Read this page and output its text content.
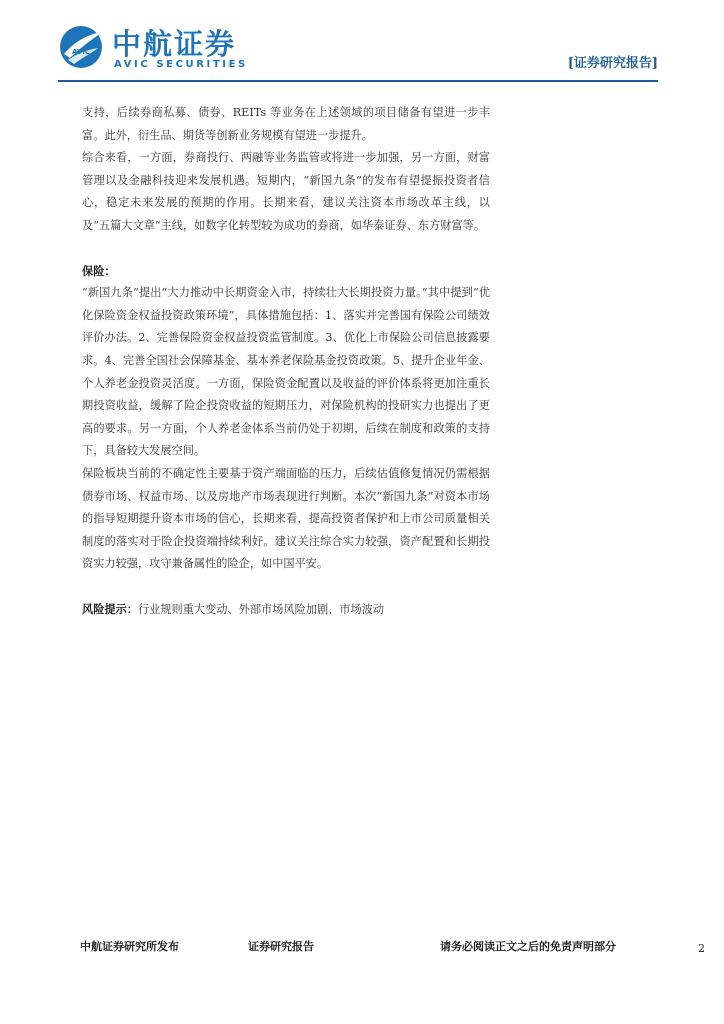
AVIC 中航证券
AVIC SECURITIES	[证券研究报告]

支持，后续券商私募、债券、REITs 等业务在上述领域的项目储备有望进一步丰富。此外，衍生品、期货等创新业务规模有望进一步提升。

综合来看，一方面，券商投行、两融等业务监管或将进一步加强，另一方面，财富管理以及金融科技迎来发展机遇。短期内，“新国九条”的发布有望提振投资者信心，稳定未来发展的预期的作用。长期来看，建议关注资本市场改革主线，以及“五篇大文章”主线，如数字化转型较为成功的券商，如华泰证券、东方财富等。

保险：

“新国九条”提出“大力推动中长期资金入市，持续壮大长期投资力量。”其中提到“优化保险资金权益投资政策环境”，具体措施包括：1、落实并完善国有保险公司绩效评价办法。2、完善保险资金权益投资监管制度。3、优化上市保险公司信息披露要求。4、完善全国社会保障基金、基本养老保险基金投资政策。5、提升企业年金、个人养老金投资灵活度。一方面，保险资金配置以及收益的评价体系将更加注重长期投资收益，缓解了险企投资收益的短期压力，对保险机构的投研实力也提出了更高的要求。另一方面，个人养老金体系当前仍处于初期，后续在制度和政策的支持下，具备较大发展空间。

保险板块当前的不确定性主要基于资产端面临的压力，后续估值修复情况仍需根据债券市场、权益市场、以及房地产市场表现进行判断。本次“新国九条”对资本市场的指导短期提升资本市场的信心，长期来看，提高投资者保护和上市公司质量相关制度的落实对于险企投资端持续利好。建议关注综合实力较强，资产配置和长期投资实力较强，攻守兼备属性的险企，如中国平安。

风险提示：行业规则重大变动、外部市场风险加剧、市场波动

中航证券研究所发布	证券研究报告	请务必阅读正文之后的免责声明部分	2
